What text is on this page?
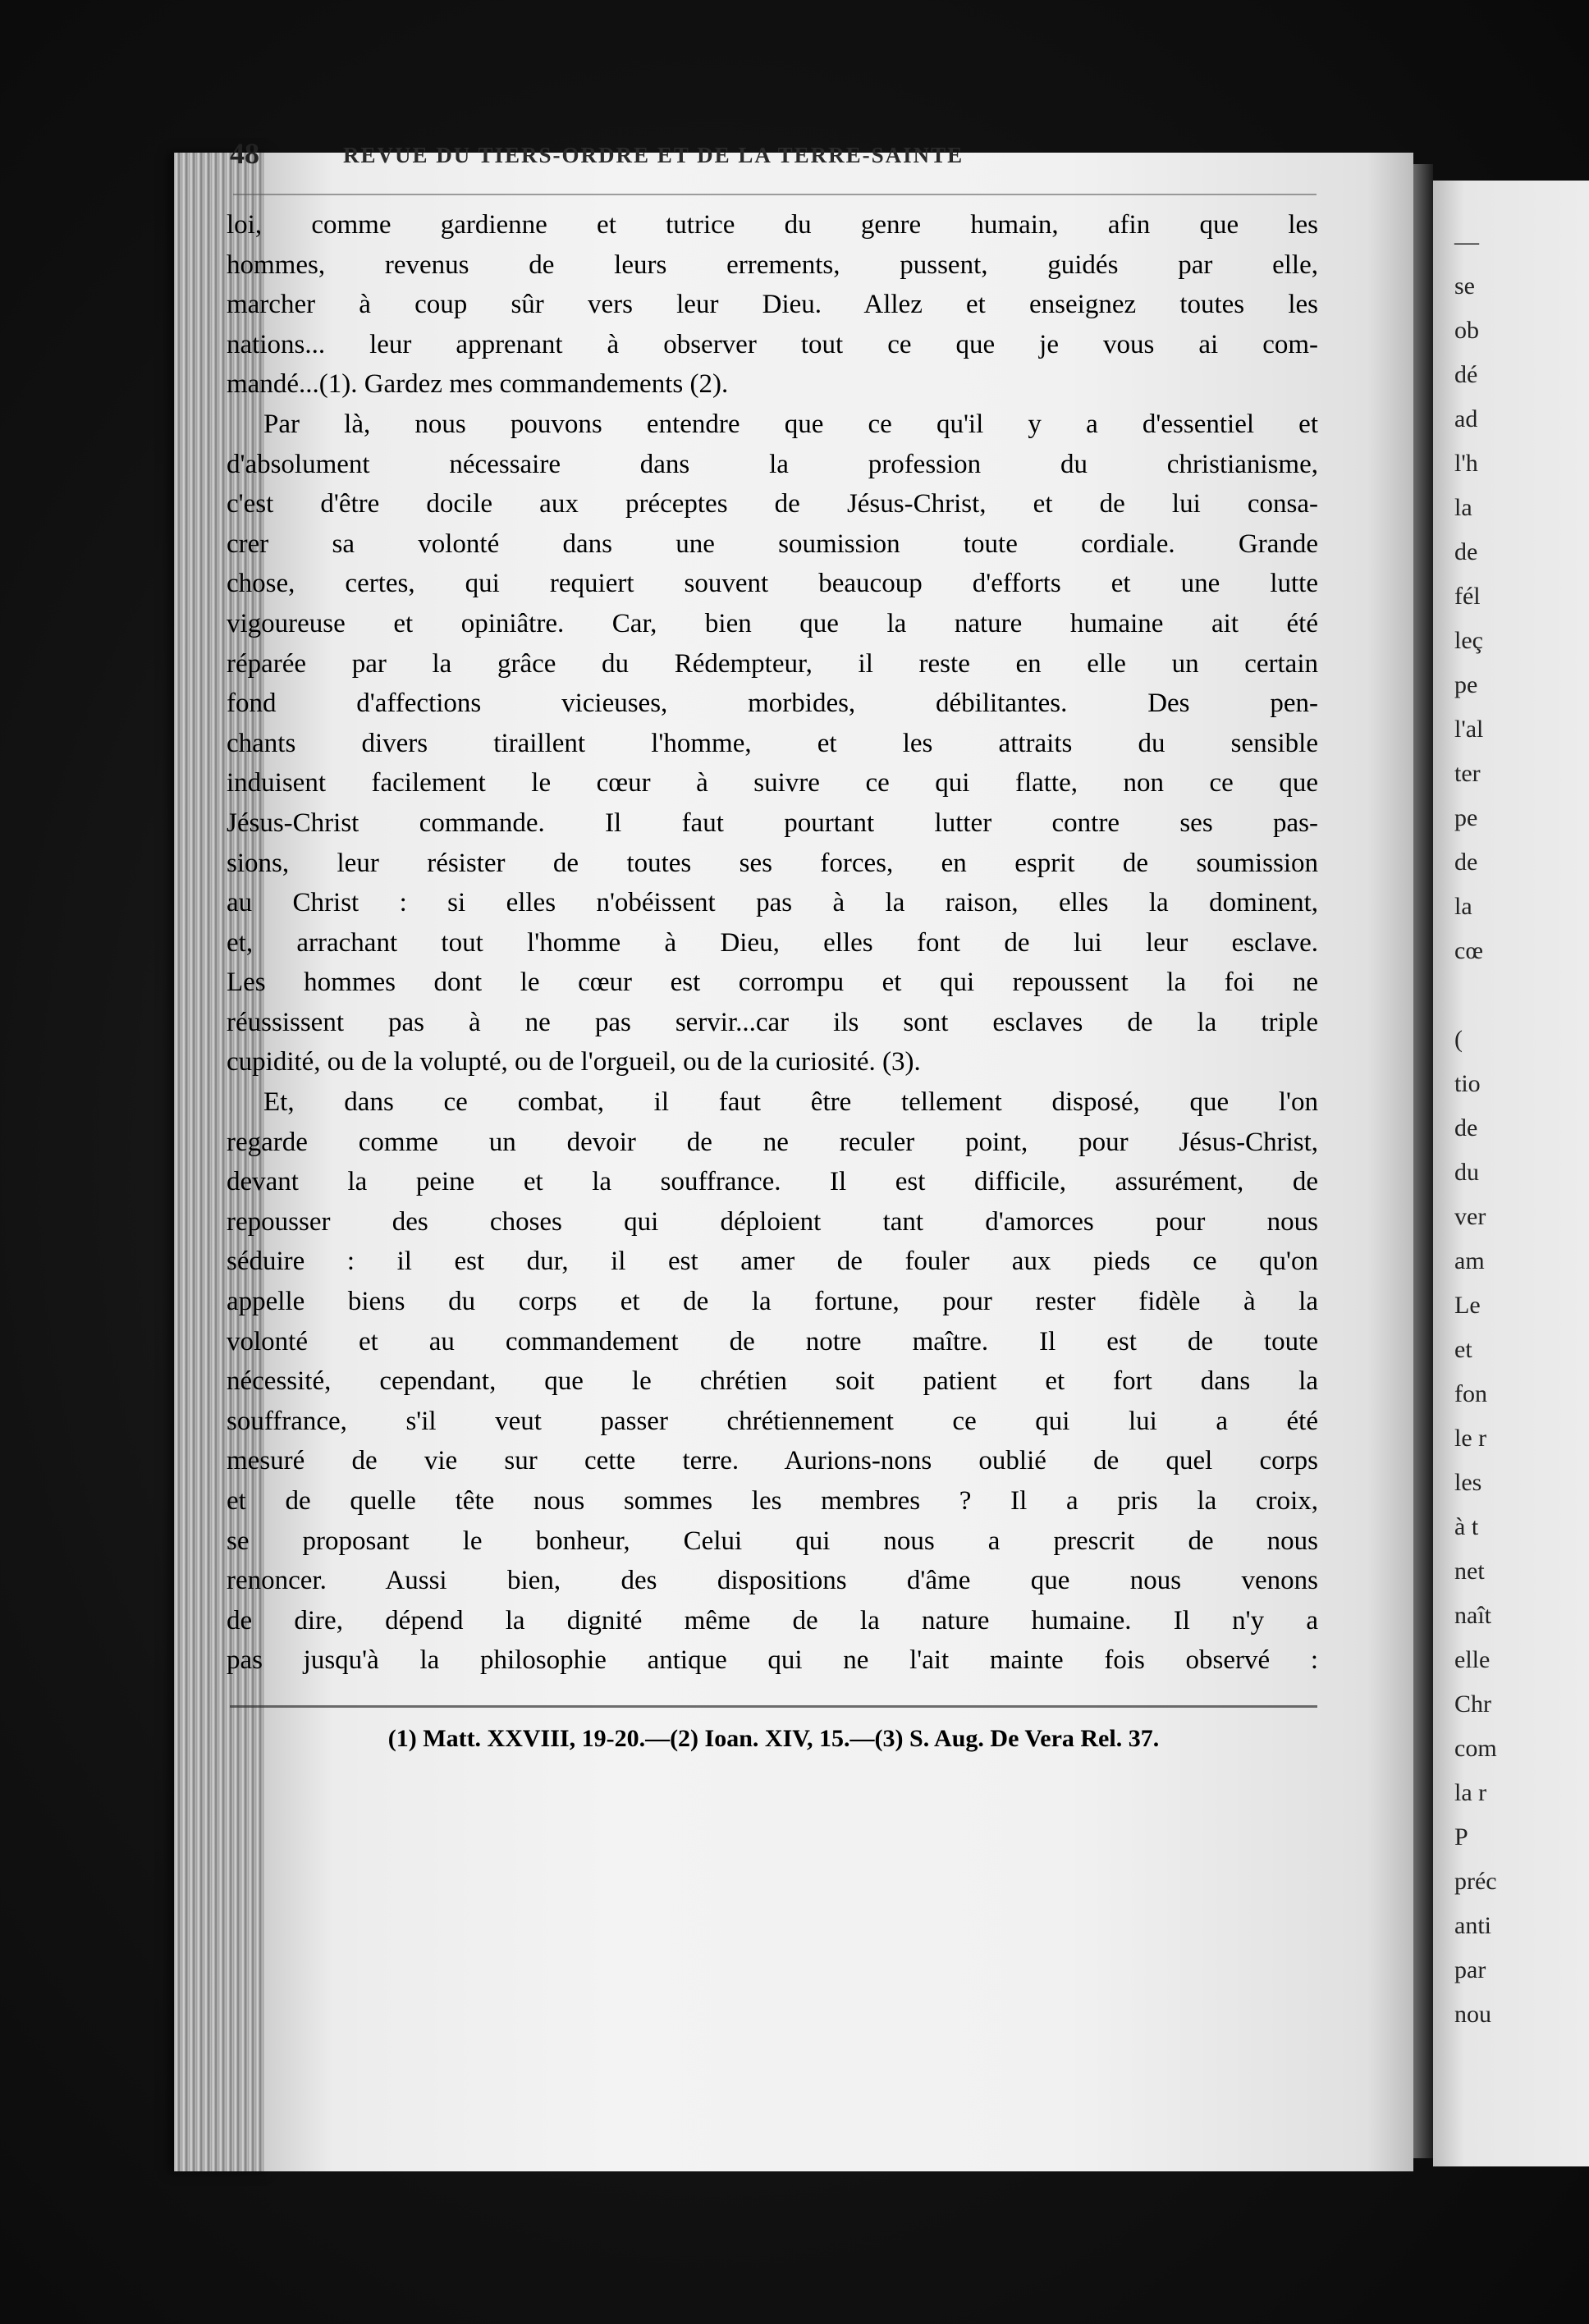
—
se
ob
dé
ad
l'h
la
de
fél
leç
pe
l'al
ter
pe
de
la
cœ
(
tio
de
du
ver
am
Le
et
fon
le r
les
à t
net
naît
elle
Chr
com
la r
P
préc
anti
par
nou
48	REVUE DU TIERS-ORDRE ET DE LA TERRE-SAINTE
loi, comme gardienne et tutrice du genre humain, afin que les
hommes, revenus de leurs errements, pussent, guidés par elle,
marcher à coup sûr vers leur Dieu. Allez et enseignez toutes les
nations... leur apprenant à observer tout ce que je vous ai com-
mandé...(1). Gardez mes commandements (2).
Par là, nous pouvons entendre que ce qu'il y a d'essentiel et
d'absolument nécessaire dans la profession du christianisme,
c'est d'être docile aux préceptes de Jésus-Christ, et de lui consa-
crer sa volonté dans une soumission toute cordiale. Grande
chose, certes, qui requiert souvent beaucoup d'efforts et une lutte
vigoureuse et opiniâtre. Car, bien que la nature humaine ait été
réparée par la grâce du Rédempteur, il reste en elle un certain
fond d'affections vicieuses, morbides, débilitantes. Des pen-
chants divers tiraillent l'homme, et les attraits du sensible
induisent facilement le cœur à suivre ce qui flatte, non ce que
Jésus-Christ commande. Il faut pourtant lutter contre ses pas-
sions, leur résister de toutes ses forces, en esprit de soumission
au Christ : si elles n'obéissent pas à la raison, elles la dominent,
et, arrachant tout l'homme à Dieu, elles font de lui leur esclave.
Les hommes dont le cœur est corrompu et qui repoussent la foi ne
réussissent pas à ne pas servir...car ils sont esclaves de la triple
cupidité, ou de la volupté, ou de l'orgueil, ou de la curiosité. (3).
Et, dans ce combat, il faut être tellement disposé, que l'on
regarde comme un devoir de ne reculer point, pour Jésus-Christ,
devant la peine et la souffrance. Il est difficile, assurément, de
repousser des choses qui déploient tant d'amorces pour nous
séduire : il est dur, il est amer de fouler aux pieds ce qu'on
appelle biens du corps et de la fortune, pour rester fidèle à la
volonté et au commandement de notre maître. Il est de toute
nécessité, cependant, que le chrétien soit patient et fort dans la
souffrance, s'il veut passer chrétiennement ce qui lui a été
mesuré de vie sur cette terre. Aurions-nons oublié de quel corps
et de quelle tête nous sommes les membres ? Il a pris la croix,
se proposant le bonheur, Celui qui nous a prescrit de nous
renoncer. Aussi bien, des dispositions d'âme que nous venons
de dire, dépend la dignité même de la nature humaine. Il n'y a
pas jusqu'à la philosophie antique qui ne l'ait mainte fois observé :
(1) Matt. XXVIII, 19-20.—(2) Ioan. XIV, 15.—(3) S. Aug. De Vera Rel. 37.
